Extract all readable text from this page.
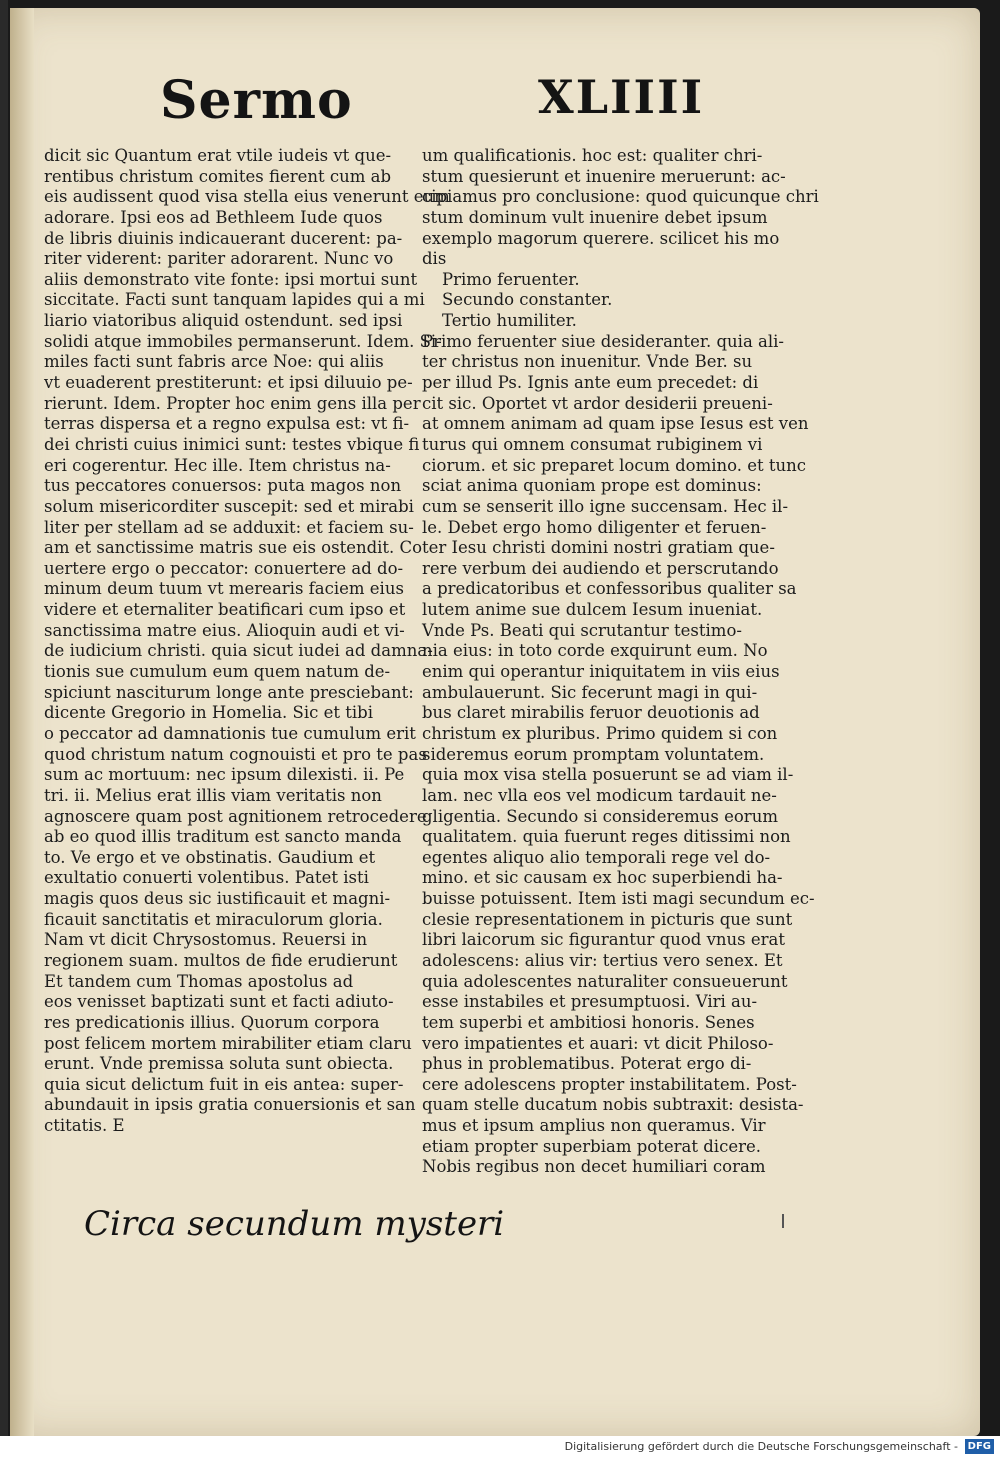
Sermo	XLIIII
dicit sic Quantum erat vtile iudeis vt que-
rentibus christum comites fierent cum ab
eis audissent quod visa stella eius venerunt eum
adorare. Ipsi eos ad Bethleem Iude quos
de libris diuinis indicauerant ducerent: pa-
riter viderent: pariter adorarent. Nunc vo
aliis demonstrato vite fonte: ipsi mortui sunt
siccitate. Facti sunt tanquam lapides qui a mi
liario viatoribus aliquid ostendunt. sed ipsi
solidi atque immobiles permanserunt. Idem. Si-
miles facti sunt fabris arce Noe: qui aliis
vt euaderent prestiterunt: et ipsi diluuio pe-
rierunt. Idem. Propter hoc enim gens illa per
terras dispersa et a regno expulsa est: vt fi-
dei christi cuius inimici sunt: testes vbique fi
eri cogerentur. Hec ille. Item christus na-
tus peccatores conuersos: puta magos non
solum misericorditer suscepit: sed et mirabi
liter per stellam ad se adduxit: et faciem su-
am et sanctissime matris sue eis ostendit. Co
uertere ergo o peccator: conuertere ad do-
minum deum tuum vt merearis faciem eius
videre et eternaliter beatificari cum ipso et
sanctissima matre eius. Alioquin audi et vi-
de iudicium christi. quia sicut iudei ad damna-
tionis sue cumulum eum quem natum de-
spiciunt nasciturum longe ante presciebant:
dicente Gregorio in Homelia. Sic et tibi
o peccator ad damnationis tue cumulum erit
quod christum natum cognouisti et pro te pas
sum ac mortuum: nec ipsum dilexisti. ii. Pe
tri. ii. Melius erat illis viam veritatis non
agnoscere quam post agnitionem retrocedere
ab eo quod illis traditum est sancto manda
to. Ve ergo et ve obstinatis. Gaudium et
exultatio conuerti volentibus. Patet isti
magis quos deus sic iustificauit et magni-
ficauit sanctitatis et miraculorum gloria.
Nam vt dicit Chrysostomus. Reuersi in
regionem suam. multos de fide erudierunt
Et tandem cum Thomas apostolus ad
eos venisset baptizati sunt et facti adiuto-
res predicationis illius. Quorum corpora
post felicem mortem mirabiliter etiam claru
erunt. Vnde premissa soluta sunt obiecta.
quia sicut delictum fuit in eis antea: super-
abundauit in ipsis gratia conuersionis et san
ctitatis. E
um qualificationis. hoc est: qualiter chri-
stum quesierunt et inuenire meruerunt: ac-
cipiamus pro conclusione: quod quicunque chri
stum dominum vult inuenire debet ipsum
exemplo magorum querere. scilicet his mo
dis
Primo feruenter.
Secundo constanter.
Tertio humiliter.
Primo feruenter siue desideranter. quia ali-
ter christus non inuenitur. Vnde Ber. su
per illud Ps. Ignis ante eum precedet: di
cit sic. Oportet vt ardor desiderii preueni-
at omnem animam ad quam ipse Iesus est ven
turus qui omnem consumat rubiginem vi
ciorum. et sic preparet locum domino. et tunc
sciat anima quoniam prope est dominus:
cum se senserit illo igne succensam. Hec il-
le. Debet ergo homo diligenter et feruen-
ter Iesu christi domini nostri gratiam que-
rere verbum dei audiendo et perscrutando
a predicatoribus et confessoribus qualiter sa
lutem anime sue dulcem Iesum inueniat.
Vnde Ps. Beati qui scrutantur testimo-
nia eius: in toto corde exquirunt eum. No
enim qui operantur iniquitatem in viis eius
ambulauerunt. Sic fecerunt magi in qui-
bus claret mirabilis feruor deuotionis ad
christum ex pluribus. Primo quidem si con
sideremus eorum promptam voluntatem.
quia mox visa stella posuerunt se ad viam il-
lam. nec vlla eos vel modicum tardauit ne-
gligentia. Secundo si consideremus eorum
qualitatem. quia fuerunt reges ditissimi non
egentes aliquo alio temporali rege vel do-
mino. et sic causam ex hoc superbiendi ha-
buisse potuissent. Item isti magi secundum ec-
clesie representationem in picturis que sunt
libri laicorum sic figurantur quod vnus erat
adolescens: alius vir: tertius vero senex. Et
quia adolescentes naturaliter consueuerunt
esse instabiles et presumptuosi. Viri au-
tem superbi et ambitiosi honoris. Senes
vero impatientes et auari: vt dicit Philoso-
phus in problematibus. Poterat ergo di-
cere adolescens propter instabilitatem. Post-
quam stelle ducatum nobis subtraxit: desista-
mus et ipsum amplius non queramus. Vir
etiam propter superbiam poterat dicere.
Nobis regibus non decet humiliari coram
Circa secundum mysteri
Digitalisierung gefördert durch die Deutsche Forschungsgemeinschaft - DFG
